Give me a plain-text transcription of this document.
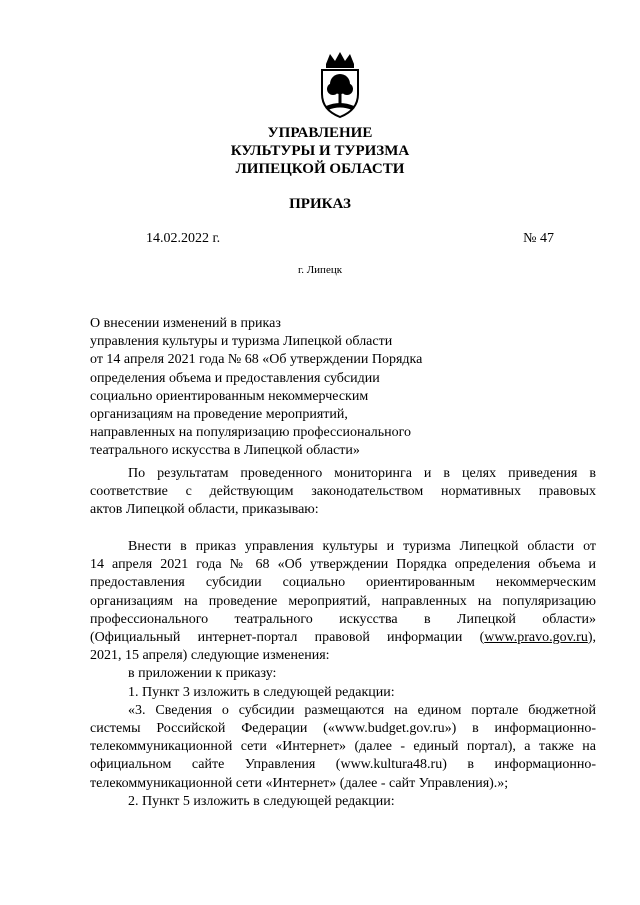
УПРАВЛЕНИЕ
КУЛЬТУРЫ И ТУРИЗМА
ЛИПЕЦКОЙ ОБЛАСТИ
ПРИКАЗ
14.02.2022 г.	№ 47
г. Липецк
О внесении изменений в приказ
управления культуры и туризма Липецкой области
от 14 апреля 2021 года № 68 «Об утверждении Порядка
определения объема и предоставления субсидии
социально ориентированным некоммерческим
организациям на проведение мероприятий,
направленных на популяризацию профессионального
театрального искусства в Липецкой области»
По результатам проведенного мониторинга и в целях приведения в
соответствие с действующим законодательством нормативных правовых
актов Липецкой области, приказываю:
Внести в приказ управления культуры и туризма Липецкой области от
14 апреля 2021 года № 68 «Об утверждении Порядка определения объема и
предоставления субсидии социально ориентированным некоммерческим
организациям на проведение мероприятий, направленных на популяризацию
профессионального театрального искусства в Липецкой области»
(Официальный интернет-портал правовой информации (www.pravo.gov.ru),
2021, 15 апреля) следующие изменения:
в приложении к приказу:
1. Пункт 3 изложить в следующей редакции:
«3. Сведения о субсидии размещаются на едином портале бюджетной
системы Российской Федерации («www.budget.gov.ru») в информационно-
телекоммуникационной сети «Интернет» (далее - единый портал), а также на
официальном сайте Управления (www.kultura48.ru) в информационно-
телекоммуникационной сети «Интернет» (далее - сайт Управления).»;
2. Пункт 5 изложить в следующей редакции:
